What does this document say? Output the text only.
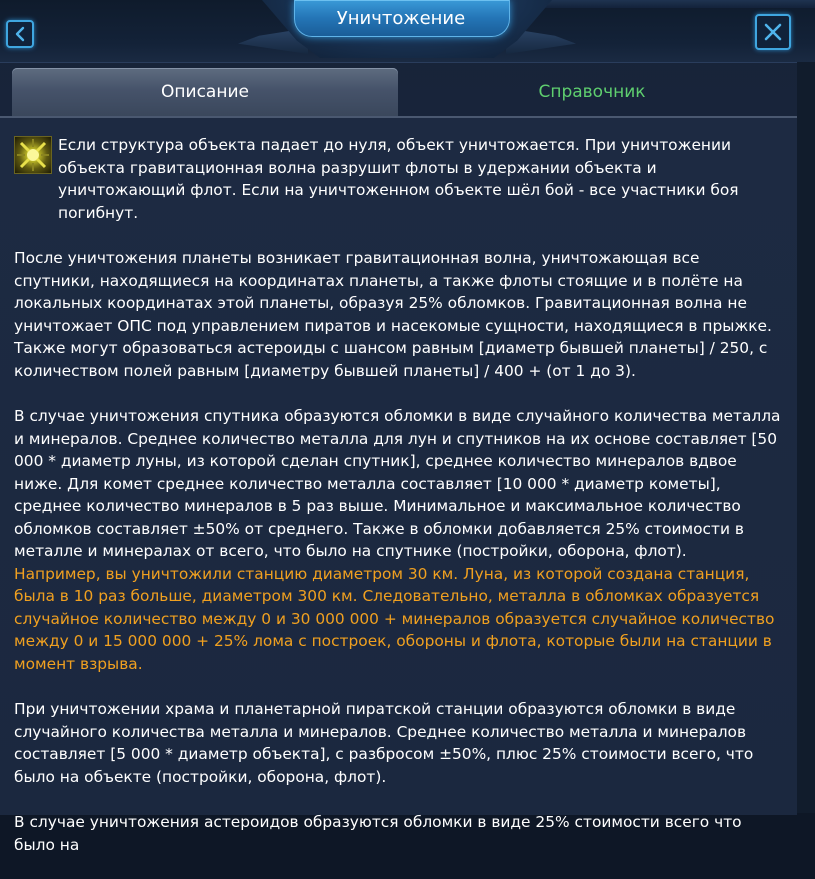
Уничтожение
Описание	Справочник

Если структура объекта падает до нуля, объект уничтожается. При уничтожении объекта гравитационная волна разрушит флоты в удержании объекта и уничтожающий флот. Если на уничтоженном объекте шёл бой - все участники боя погибнут.

После уничтожения планеты возникает гравитационная волна, уничтожающая все спутники, находящиеся на координатах планеты, а также флоты стоящие и в полёте на локальных координатах этой планеты, образуя 25% обломков. Гравитационная волна не уничтожает ОПС под управлением пиратов и насекомые сущности, находящиеся в прыжке. Также могут образоваться астероиды с шансом равным [диаметр бывшей планеты] / 250, с количеством полей равным [диаметру бывшей планеты] / 400 + (от 1 до 3).

В случае уничтожения спутника образуются обломки в виде случайного количества металла и минералов. Среднее количество металла для лун и спутников на их основе составляет [50 000 * диаметр луны, из которой сделан спутник], среднее количество минералов вдвое ниже. Для комет среднее количество металла составляет [10 000 * диаметр кометы], среднее количество минералов в 5 раз выше. Минимальное и максимальное количество обломков составляет ±50% от среднего. Также в обломки добавляется 25% стоимости в металле и минералах от всего, что было на спутнике (постройки, оборона, флот).

Например, вы уничтожили станцию диаметром 30 км. Луна, из которой создана станция, была в 10 раз больше, диаметром 300 км. Следовательно, металла в обломках образуется случайное количество между 0 и 30 000 000 + минералов образуется случайное количество между 0 и 15 000 000 + 25% лома с построек, обороны и флота, которые были на станции в момент взрыва.

При уничтожении храма и планетарной пиратской станции образуются обломки в виде случайного количества металла и минералов. Среднее количество металла и минералов составляет [5 000 * диаметр объекта], с разбросом ±50%, плюс 25% стоимости всего, что было на объекте (постройки, оборона, флот).

В случае уничтожения астероидов образуются обломки в виде 25% стоимости всего что было на
